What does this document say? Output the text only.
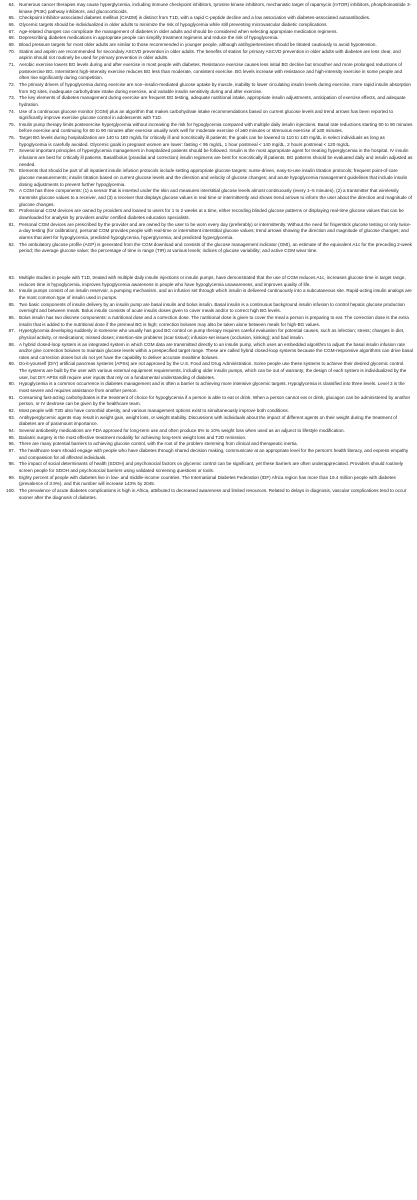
64. Numerous cancer therapies may cause hyperglycemia, including immune checkpoint inhibitors, tyrosine kinase inhibitors, mechanistic target of rapamycin (mTOR) inhibitors, phosphoinositide 3-kinase (PI3K) pathway inhibitors, and glucocorticoids.
65. Checkpoint inhibitor-associated diabetes mellitus (CIADM) is distinct from T1D, with a rapid C-peptide decline and a low association with diabetes-associated autoantibodies.
66. Glycemic targets should be individualized in older adults to minimize the risk of hypoglycemia while still preventing microvascular diabetic complications.
67. Age-related changes can complicate the management of diabetes in older adults and should be considered when selecting appropriate medication regimens.
68. Deprescribing diabetes medications in appropriate people can simplify treatment regimens and reduce the risk of hypoglycemia.
69. Blood pressure targets for most older adults are similar to those recommended in younger people, although antihypertensives should be titrated cautiously to avoid hypotension.
70. Statins and aspirin are recommended for secondary ASCVD prevention in older adults. The benefits of statins for primary ASCVD prevention in older adults with diabetes are less clear, and aspirin should not routinely be used for primary prevention in older adults.
71. Aerobic exercise lowers BG levels during and after exercise in most people with diabetes. Resistance exercise causes less initial BG decline but smoother and more prolonged reductions of postexercise BG. Intermittent high-intensity exercise reduces BG less than moderate, consistent exercise. BG levels increase with resistance and high-intensity exercise in some people and often rise significantly during competition.
72. The primary drivers of hypoglycemia during exercise are non–insulin-mediated glucose uptake by muscle, inability to lower circulating insulin levels during exercise, more rapid insulin absorption from SQ sites, inadequate carbohydrate intake during exercise, and variable insulin sensitivity during and after exercise.
73. The key elements of diabetes management during exercise are frequent BG testing, adequate nutritional intake, appropriate insulin adjustments, anticipation of exercise effects, and adequate hydration.
74. Use of a continuous glucose monitor (CGM) plus an algorithm that makes carbohydrate intake recommendations based on current glucose levels and trend arrows has been reported to significantly improve exercise glucose control in adolescents with T1D.
75. Insulin pump therapy limits postexercise hyperglycemia without increasing the risk for hypoglycemia compared with multiple daily insulin injections. Basal rate reductions starting 60 to 90 minutes before exercise and continuing for 60 to 90 minutes after exercise usually work well for moderate exercise of ≥60 minutes or strenuous exercise of ≥30 minutes.
76. Target BG levels during hospitalization are 140 to 180 mg/dL for critically ill and noncritically ill patients; the goals can be lowered to 110 to 140 mg/dL in select individuals as long as hypoglycemia is carefully avoided. Glycemic goals in pregnant women are lower: fasting < 95 mg/dL, 1 hour postmeal < 140 mg/dL, 2 hours postmeal < 120 mg/dL.
77. Several important principles of hyperglycemia management in hospitalized patients should be followed. Insulin is the most appropriate agent for treating hyperglycemia in the hospital. IV insulin infusions are best for critically ill patients. Basal/bolus (prandial and correction) insulin regimens are best for noncritically ill patients. BG patterns should be evaluated daily and insulin adjusted as needed.
78. Elements that should be part of all inpatient insulin infusion protocols include setting appropriate glucose targets; nurse-driven, easy-to-use insulin titration protocols; frequent point-of-care glucose measurements; insulin titration based on current glucose levels and the direction and velocity of glucose changes; and acute hypoglycemia management guidelines that include insulin dosing adjustments to prevent further hypoglycemia.
79. A CGM has three components: (1) a sensor that is inserted under the skin and measures interstitial glucose levels almost continuously (every 1–5 minutes), (2) a transmitter that wirelessly transmits glucose values to a receiver, and (3) a receiver that displays glucose values in real time or intermittently and shows trend arrows to inform the user about the direction and magnitude of glucose changes.
80. Professional CGM devices are owned by providers and loaned to users for 1 to 2 weeks at a time, either recording blinded glucose patterns or displaying real-time glucose values that can be downloaded for analysis by providers and/or certified diabetes education specialists.
81. Personal CGM devices are prescribed by the provider and are owned by the user to be worn every day (preferably) or intermittently. Without the need for fingerstick glucose testing or only twice-a-day testing (for calibration), personal CGM provides people with real-time or intermittent interstitial glucose values; trend arrows showing the direction and magnitude of glucose changes; and alarms that alert for hypoglycemia, predicted hypoglycemia, hyperglycemia, and predicted hyperglycemia.
82. The ambulatory glucose profile (AGP) is generated from the CGM download and consists of the glucose management indicator (GMI), an estimate of the equivalent A1c for the preceding 2-week period; the average glucose value; the percentage of time in range (TIR) at various levels; indices of glucose variability; and active CGM wear time.
83. Multiple studies in people with T1D, treated with multiple daily insulin injections or insulin pumps, have demonstrated that the use of CGM reduces A1c, increases glucose time in target range, reduces time in hypoglycemia, improves hypoglycemia awareness in people who have hypoglycemia unawareness, and improves quality of life.
84. Insulin pumps consist of an insulin reservoir, a pumping mechanism, and an infusion set through which insulin is delivered continuously into a subcutaneous site. Rapid-acting insulin analogs are the most common type of insulin used in pumps.
85. Two basic components of insulin delivery by an insulin pump are basal insulin and bolus insulin. Basal insulin is a continuous background insulin infusion to control hepatic glucose production overnight and between meals. Bolus insulin consists of acute insulin doses given to cover meals and/or to correct high BG levels.
86. Bolus insulin has two discrete components: a nutritional dose and a correction dose. The nutritional dose is given to cover the meal a person is preparing to eat. The correction dose is the extra insulin that is added to the nutritional dose if the premeal BG is high; correction boluses may also be taken alone between meals for high-BG values.
87. Hyperglycemia developing suddenly in someone who usually has good BG control on pump therapy requires careful evaluation for potential causes, such as infection; stress; changes in diet, physical activity, or medications; missed doses; insertion-site problems (scar tissue); infusion-set issues (occlusion, kinking); and bad insulin.
88. A hybrid closed-loop system is an integrated system in which CGM data are transmitted directly to an insulin pump, which uses an embedded algorithm to adjust the basal insulin infusion rate and/or give correction boluses to maintain glucose levels within a prespecified target range. These are called hybrid closed-loop systems because the CGM-responsive algorithms can drive basal rates and correction doses but do not yet have the capability to deliver accurate mealtime boluses.
89. Do-it-yourself (DIY) artificial pancreas systems (APSs) are not approved by the U.S. Food and Drug Administration. Some people use these systems to achieve their desired glycemic control. The systems are built by the user with various external equipment requirements, including older insulin pumps, which can be out of warranty; the design of each system is individualized by the user, but DIY APSs still require user inputs that rely on a fundamental understanding of diabetes.
90. Hypoglycemia is a common occurrence in diabetes management and is often a barrier to achieving more intensive glycemic targets. Hypoglycemia is classified into three levels. Level 3 is the most severe and requires assistance from another person.
91. Consuming fast-acting carbohydrates is the treatment of choice for hypoglycemia if a person is able to eat or drink. When a person cannot eat or drink, glucagon can be administered by another person, or IV dextrose can be given by the healthcare team.
92. Most people with T2D also have comorbid obesity, and various management options exist to simultaneously improve both conditions.
93. Antihyperglycemic agents may result in weight gain, weight loss, or weight stability. Discussions with individuals about the impact of different agents on their weight during the treatment of diabetes are of paramount importance.
94. Several antiobesity medications are FDA approved for long-term use and often produce 5% to 10% weight loss when used as an adjunct to lifestyle modification.
95. Bariatric surgery is the most effective treatment modality for achieving long-term weight loss and T2D remission.
96. There are many potential barriers to achieving glucose control, with the root of the problem stemming from clinical and therapeutic inertia.
97. The healthcare team should engage with people who have diabetes through shared decision making, communicate at an appropriate level for the person's health literacy, and express empathy and compassion for all affected individuals.
98. The impact of social determinants of health (SDOH) and psychosocial factors on glycemic control can be significant, yet these barriers are often underappreciated. Providers should routinely screen people for SDOH and psychosocial barriers using validated screening questions or tools.
99. Eighty percent of people with diabetes live in low- and middle-income countries. The International Diabetes Federation (IDF) Africa region has more than 19.4 million people with diabetes (prevalence of 3.9%), and this number will increase 143% by 2045.
100. The prevalence of acute diabetes complications is high in Africa, attributed to decreased awareness and limited resources. Related to delays in diagnosis, vascular complications tend to occur sooner after the diagnosis of diabetes.
